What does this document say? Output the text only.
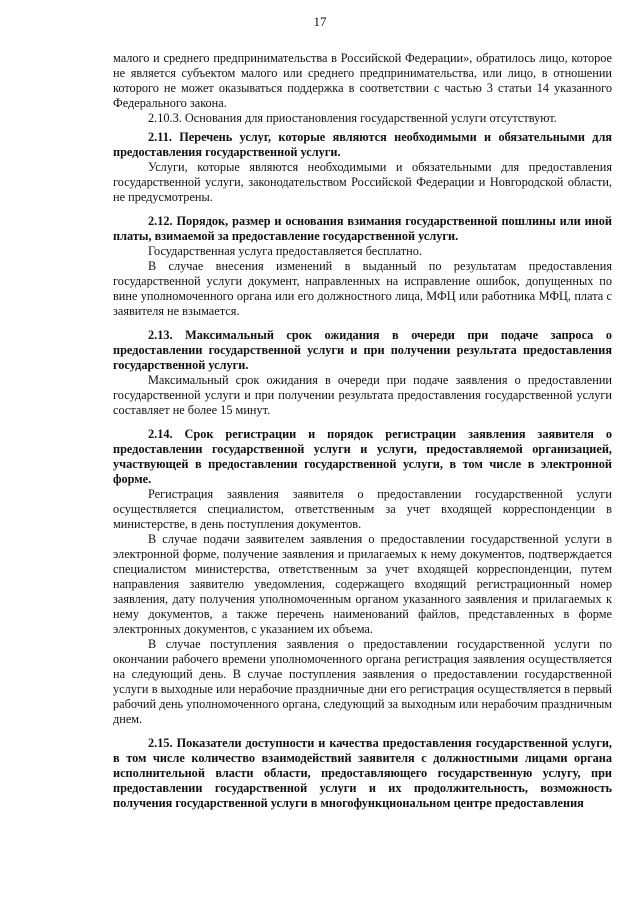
17

малого и среднего предпринимательства в Российской Федерации», обратилось лицо, которое не является субъектом малого или среднего предпринимательства, или лицо, в отношении которого не может оказываться поддержка в соответствии с частью 3 статьи 14 указанного Федерального закона.

2.10.3. Основания для приостановления государственной услуги отсутствуют.

2.11. Перечень услуг, которые являются необходимыми и обязательными для предоставления государственной услуги.

Услуги, которые являются необходимыми и обязательными для предоставления государственной услуги, законодательством Российской Федерации и Новгородской области, не предусмотрены.

2.12. Порядок, размер и основания взимания государственной пошлины или иной платы, взимаемой за предоставление государственной услуги.

Государственная услуга предоставляется бесплатно.

В случае внесения изменений в выданный по результатам предоставления государственной услуги документ, направленных на исправление ошибок, допущенных по вине уполномоченного органа или его должностного лица, МФЦ или работника МФЦ, плата с заявителя не взымается.

2.13. Максимальный срок ожидания в очереди при подаче запроса о предоставлении государственной услуги и при получении результата предоставления государственной услуги.

Максимальный срок ожидания в очереди при подаче заявления о предоставлении государственной услуги и при получении результата предоставления государственной услуги составляет не более 15 минут.

2.14. Срок регистрации и порядок регистрации заявления заявителя о предоставлении государственной услуги и услуги, предоставляемой организацией, участвующей в предоставлении государственной услуги, в том числе в электронной форме.

Регистрация заявления заявителя о предоставлении государственной услуги осуществляется специалистом, ответственным за учет входящей корреспонденции в министерстве, в день поступления документов.

В случае подачи заявителем заявления о предоставлении государственной услуги в электронной форме, получение заявления и прилагаемых к нему документов, подтверждается специалистом министерства, ответственным за учет входящей корреспонденции, путем направления заявителю уведомления, содержащего входящий регистрационный номер заявления, дату получения уполномоченным органом указанного заявления и прилагаемых к нему документов, а также перечень наименований файлов, представленных в форме электронных документов, с указанием их объема.

В случае поступления заявления о предоставлении государственной услуги по окончании рабочего времени уполномоченного органа регистрация заявления осуществляется на следующий день. В случае поступления заявления о предоставлении государственной услуги в выходные или нерабочие праздничные дни его регистрация осуществляется в первый рабочий день уполномоченного органа, следующий за выходным или нерабочим праздничным днем.

2.15. Показатели доступности и качества предоставления государственной услуги, в том числе количество взаимодействий заявителя с должностными лицами органа исполнительной власти области, предоставляющего государственную услугу, при предоставлении государственной услуги и их продолжительность, возможность получения государственной услуги в многофункциональном центре предоставления
